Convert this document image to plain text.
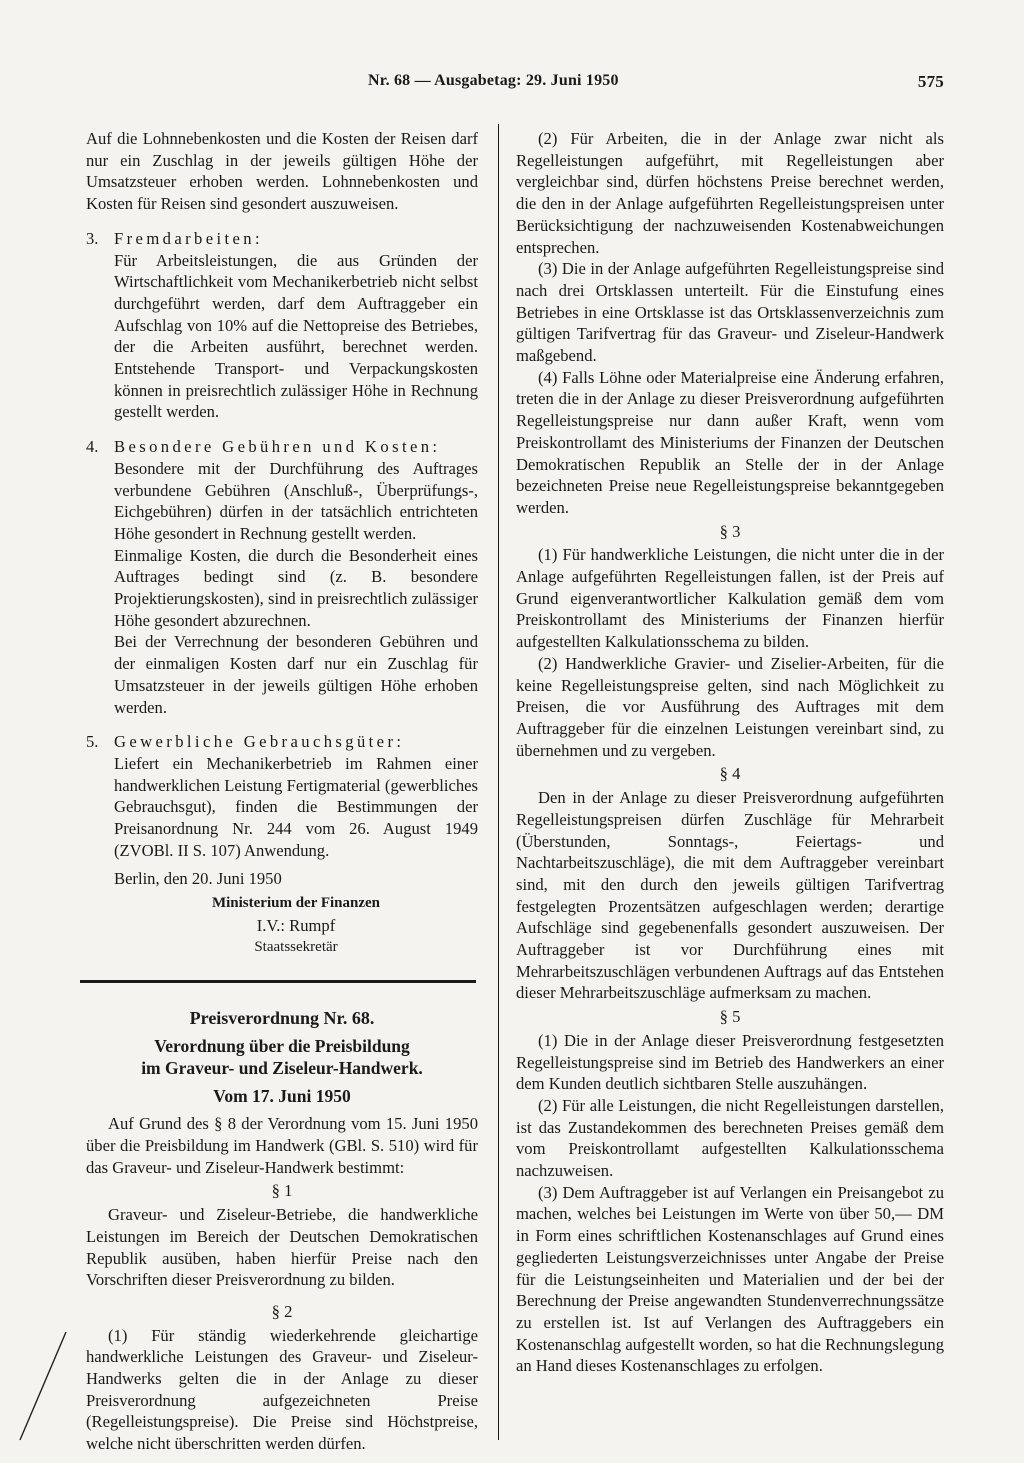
Nr. 68 — Ausgabetag: 29. Juni 1950	575

Auf die Lohnnebenkosten und die Kosten der Reisen darf nur ein Zuschlag in der jeweils gültigen Höhe der Umsatzsteuer erhoben werden. Lohnnebenkosten und Kosten für Reisen sind gesondert auszuweisen.

3. Fremdarbeiten:

Für Arbeitsleistungen, die aus Gründen der Wirtschaftlichkeit vom Mechanikerbetrieb nicht selbst durchgeführt werden, darf dem Auftraggeber ein Aufschlag von 10% auf die Nettopreise des Betriebes, der die Arbeiten ausführt, berechnet werden. Entstehende Transport- und Verpackungskosten können in preisrechtlich zulässiger Höhe in Rechnung gestellt werden.

4. Besondere Gebühren und Kosten:

Besondere mit der Durchführung des Auftrages verbundene Gebühren (Anschluß-, Überprüfungs-, Eichgebühren) dürfen in der tatsächlich entrichteten Höhe gesondert in Rechnung gestellt werden.

Einmalige Kosten, die durch die Besonderheit eines Auftrages bedingt sind (z. B. besondere Projektierungskosten), sind in preisrechtlich zulässiger Höhe gesondert abzurechnen.

Bei der Verrechnung der besonderen Gebühren und der einmaligen Kosten darf nur ein Zuschlag für Umsatzsteuer in der jeweils gültigen Höhe erhoben werden.

5. Gewerbliche Gebrauchsgüter:

Liefert ein Mechanikerbetrieb im Rahmen einer handwerklichen Leistung Fertigmaterial (gewerbliches Gebrauchsgut), finden die Bestimmungen der Preisanordnung Nr. 244 vom 26. August 1949 (ZVOBl. II S. 107) Anwendung.

Berlin, den 20. Juni 1950

Ministerium der Finanzen
I.V.: Rumpf
Staatssekretär
Preisverordnung Nr. 68.
Verordnung über die Preisbildung
im Graveur- und Ziseleur-Handwerk.
Vom 17. Juni 1950

Auf Grund des § 8 der Verordnung vom 15. Juni 1950 über die Preisbildung im Handwerk (GBl. S. 510) wird für das Graveur- und Ziseleur-Handwerk bestimmt:

§ 1

Graveur- und Ziseleur-Betriebe, die handwerkliche Leistungen im Bereich der Deutschen Demokratischen Republik ausüben, haben hierfür Preise nach den Vorschriften dieser Preisverordnung zu bilden.

§ 2

(1) Für ständig wiederkehrende gleichartige handwerkliche Leistungen des Graveur- und Ziseleur-Handwerks gelten die in der Anlage zu dieser Preisverordnung aufgezeichneten Preise (Regelleistungspreise). Die Preise sind Höchstpreise, welche nicht überschritten werden dürfen.

(2) Für Arbeiten, die in der Anlage zwar nicht als Regelleistungen aufgeführt, mit Regelleistungen aber vergleichbar sind, dürfen höchstens Preise berechnet werden, die den in der Anlage aufgeführten Regelleistungspreisen unter Berücksichtigung der nachzuweisenden Kostenabweichungen entsprechen.

(3) Die in der Anlage aufgeführten Regelleistungspreise sind nach drei Ortsklassen unterteilt. Für die Einstufung eines Betriebes in eine Ortsklasse ist das Ortsklassenverzeichnis zum gültigen Tarifvertrag für das Graveur- und Ziseleur-Handwerk maßgebend.

(4) Falls Löhne oder Materialpreise eine Änderung erfahren, treten die in der Anlage zu dieser Preisverordnung aufgeführten Regelleistungspreise nur dann außer Kraft, wenn vom Preiskontrollamt des Ministeriums der Finanzen der Deutschen Demokratischen Republik an Stelle der in der Anlage bezeichneten Preise neue Regelleistungspreise bekanntgegeben werden.

§ 3

(1) Für handwerkliche Leistungen, die nicht unter die in der Anlage aufgeführten Regelleistungen fallen, ist der Preis auf Grund eigenverantwortlicher Kalkulation gemäß dem vom Preiskontrollamt des Ministeriums der Finanzen hierfür aufgestellten Kalkulationsschema zu bilden.

(2) Handwerkliche Gravier- und Ziselier-Arbeiten, für die keine Regelleistungspreise gelten, sind nach Möglichkeit zu Preisen, die vor Ausführung des Auftrages mit dem Auftraggeber für die einzelnen Leistungen vereinbart sind, zu übernehmen und zu vergeben.

§ 4

Den in der Anlage zu dieser Preisverordnung aufgeführten Regelleistungspreisen dürfen Zuschläge für Mehrarbeit (Überstunden, Sonntags-, Feiertags- und Nachtarbeitszuschläge), die mit dem Auftraggeber vereinbart sind, mit den durch den jeweils gültigen Tarifvertrag festgelegten Prozentsätzen aufgeschlagen werden; derartige Aufschläge sind gegebenenfalls gesondert auszuweisen. Der Auftraggeber ist vor Durchführung eines mit Mehrarbeitszuschlägen verbundenen Auftrags auf das Entstehen dieser Mehrarbeitszuschläge aufmerksam zu machen.

§ 5

(1) Die in der Anlage dieser Preisverordnung festgesetzten Regelleistungspreise sind im Betrieb des Handwerkers an einer dem Kunden deutlich sichtbaren Stelle auszuhängen.

(2) Für alle Leistungen, die nicht Regelleistungen darstellen, ist das Zustandekommen des berechneten Preises gemäß dem vom Preiskontrollamt aufgestellten Kalkulationsschema nachzuweisen.

(3) Dem Auftraggeber ist auf Verlangen ein Preisangebot zu machen, welches bei Leistungen im Werte von über 50,— DM in Form eines schriftlichen Kostenanschlages auf Grund eines gegliederten Leistungsverzeichnisses unter Angabe der Preise für die Leistungseinheiten und Materialien und der bei der Berechnung der Preise angewandten Stundenverrechnungssätze zu erstellen ist. Ist auf Verlangen des Auftraggebers ein Kostenanschlag aufgestellt worden, so hat die Rechnungslegung an Hand dieses Kostenanschlages zu erfolgen.
